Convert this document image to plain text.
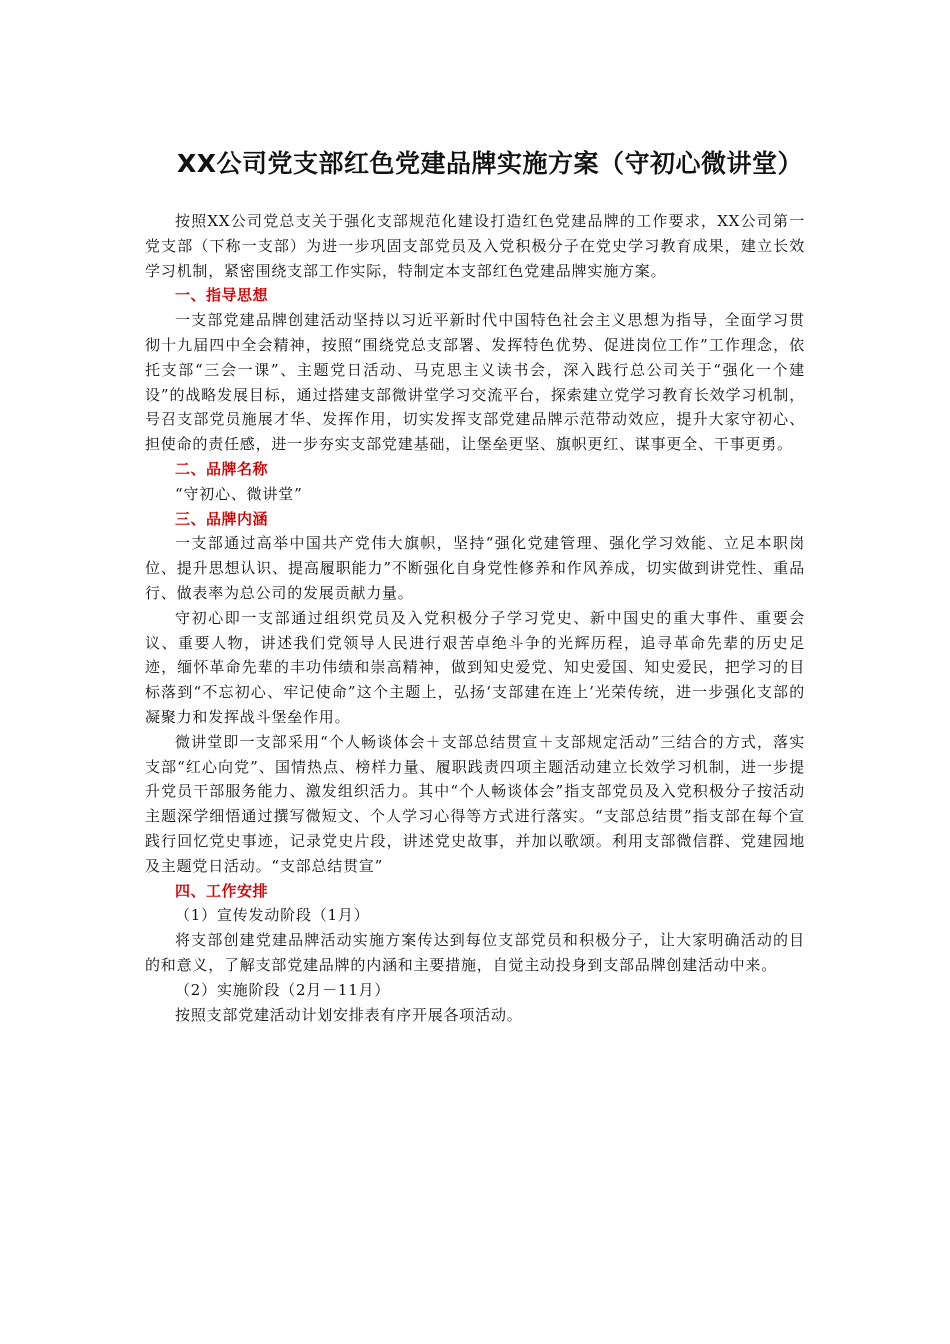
XX公司党支部红色党建品牌实施方案（守初心微讲堂）

按照XX公司党总支关于强化支部规范化建设打造红色党建品牌的工作要求，XX公司第一党支部（下称一支部）为进一步巩固支部党员及入党积极分子在党史学习教育成果，建立长效学习机制，紧密围绕支部工作实际，特制定本支部红色党建品牌实施方案。

一、指导思想

一支部党建品牌创建活动坚持以习近平新时代中国特色社会主义思想为指导，全面学习贯彻十九届四中全会精神，按照“围绕党总支部署、发挥特色优势、促进岗位工作”工作理念，依托支部“三会一课”、主题党日活动、马克思主义读书会，深入践行总公司关于“强化一个建设”的战略发展目标，通过搭建支部微讲堂学习交流平台，探索建立党学习教育长效学习机制，号召支部党员施展才华、发挥作用，切实发挥支部党建品牌示范带动效应，提升大家守初心、担使命的责任感，进一步夯实支部党建基础，让堡垒更坚、旗帜更红、谋事更全、干事更勇。

二、品牌名称

“守初心、微讲堂”

三、品牌内涵

一支部通过高举中国共产党伟大旗帜，坚持“强化党建管理、强化学习效能、立足本职岗位、提升思想认识、提高履职能力”不断强化自身党性修养和作风养成，切实做到讲党性、重品行、做表率为总公司的发展贡献力量。

守初心即一支部通过组织党员及入党积极分子学习党史、新中国史的重大事件、重要会议、重要人物，讲述我们党领导人民进行艰苦卓绝斗争的光辉历程，追寻革命先辈的历史足迹，缅怀革命先辈的丰功伟绩和崇高精神，做到知史爱党、知史爱国、知史爱民，把学习的目标落到“不忘初心、牢记使命”这个主题上，弘扬‘支部建在连上’光荣传统，进一步强化支部的凝聚力和发挥战斗堡垒作用。

微讲堂即一支部采用“个人畅谈体会＋支部总结贯宣＋支部规定活动”三结合的方式，落实支部“红心向党”、国情热点、榜样力量、履职践责四项主题活动建立长效学习机制，进一步提升党员干部服务能力、激发组织活力。其中“个人畅谈体会”指支部党员及入党积极分子按活动主题深学细悟通过撰写微短文、个人学习心得等方式进行落实。“支部总结贯”指支部在每个宣践行回忆党史事迹，记录党史片段，讲述党史故事，并加以歌颂。利用支部微信群、党建园地及主题党日活动。“支部总结贯宣”

四、工作安排

（1）宣传发动阶段（1月）

将支部创建党建品牌活动实施方案传达到每位支部党员和积极分子，让大家明确活动的目的和意义，了解支部党建品牌的内涵和主要措施，自觉主动投身到支部品牌创建活动中来。

（2）实施阶段（2月－11月）

按照支部党建活动计划安排表有序开展各项活动。
